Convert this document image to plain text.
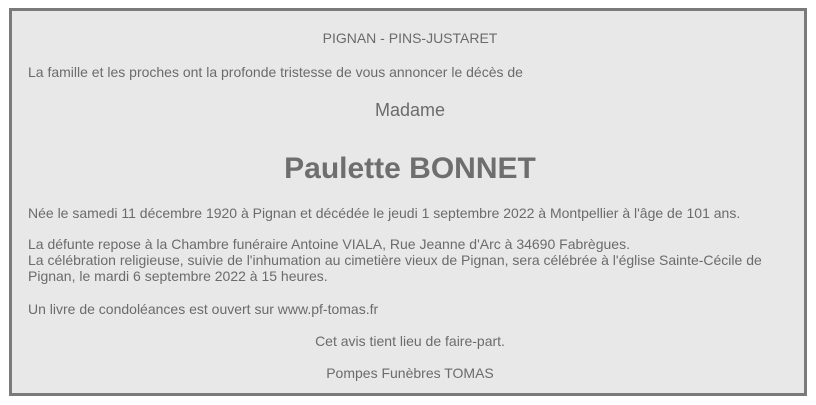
PIGNAN - PINS-JUSTARET

La famille et les proches ont la profonde tristesse de vous annoncer le décès de

Madame

Paulette BONNET

Née le samedi 11 décembre 1920 à Pignan et décédée le jeudi 1 septembre 2022 à Montpellier à l'âge de 101 ans.

La défunte repose à la Chambre funéraire Antoine VIALA, Rue Jeanne d'Arc à 34690 Fabrègues.
La célébration religieuse, suivie de l'inhumation au cimetière vieux de Pignan, sera célébrée à l'église Sainte-Cécile de
Pignan, le mardi 6 septembre 2022 à 15 heures.

Un livre de condoléances est ouvert sur www.pf-tomas.fr

Cet avis tient lieu de faire-part.

Pompes Funèbres TOMAS
